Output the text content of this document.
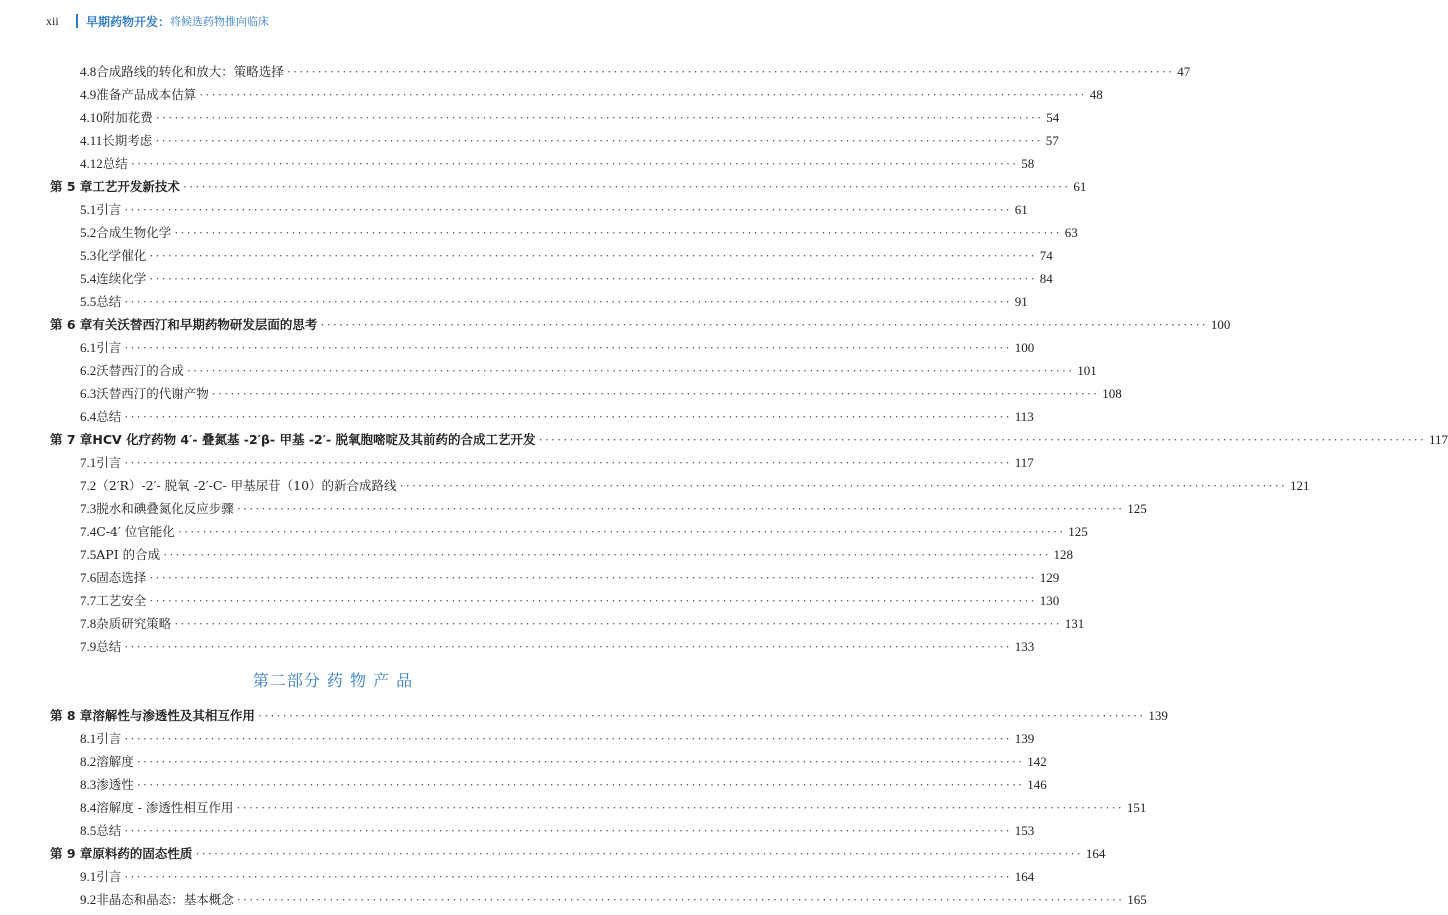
xii	早期药物开发： 将候选药物推向临床
4.8 合成路线的转化和放大：策略选择 ·····	47
4.9 准备产品成本估算 ·····	48
4.10 附加花费 ·····	54
4.11 长期考虑 ·····	57
4.12 总结 ·····	58
第 5 章 工艺开发新技术 ·····	61
5.1 引言 ·····	61
5.2 合成生物化学 ·····	63
5.3 化学催化 ·····	74
5.4 连续化学 ·····	84
5.5 总结 ·····	91
第 6 章 有关沃替西汀和早期药物研发层面的思考 ·····	100
6.1 引言 ·····	100
6.2 沃替西汀的合成 ·····	101
6.3 沃替西汀的代谢产物 ·····	108
6.4 总结 ·····	113
第 7 章 HCV 化疗药物 4′- 叠氮基 -2′β- 甲基 -2′- 脱氧胞嘧啶及其前药的合成工艺开发 ·····	117
7.1 引言 ·····	117
7.2 （2′R）-2′- 脱氧 -2′-C- 甲基尿苷（10）的新合成路线 ·····	121
7.3 脱水和碘叠氮化反应步骤 ·····	125
7.4 C-4′ 位官能化 ·····	125
7.5 API 的合成 ·····	128
7.6 固态选择 ·····	129
7.7 工艺安全 ·····	130
7.8 杂质研究策略 ·····	131
7.9 总结 ·····	133
第二部分 药 物 产 品
第 8 章 溶解性与渗透性及其相互作用 ·····	139
8.1 引言 ·····	139
8.2 溶解度 ·····	142
8.3 渗透性 ·····	146
8.4 溶解度 - 渗透性相互作用 ·····	151
8.5 总结 ·····	153
第 9 章 原料药的固态性质 ·····	164
9.1 引言 ·····	164
9.2 非晶态和晶态：基本概念 ·····	165
